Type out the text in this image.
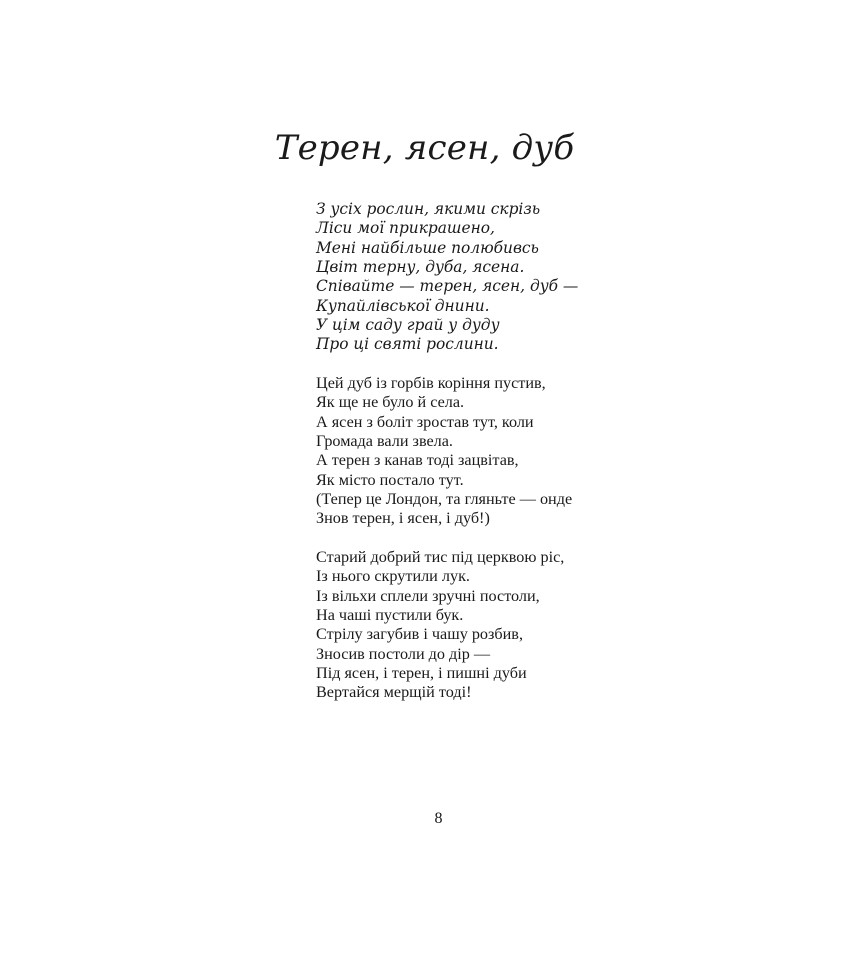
Терен, ясен, дуб
З усіх рослин, якими скрізь
Ліси мої прикрашено,
Мені найбільше полюбивсь
Цвіт терну, дуба, ясена.
Співайте — терен, ясен, дуб —
Купайлівської днини.
У цім саду грай у дуду
Про ці святі рослини.
Цей дуб із горбів коріння пустив,
Як ще не було й села.
А ясен з боліт зростав тут, коли
Громада вали звела.
А терен з канав тоді зацвітав,
Як місто постало тут.
(Тепер це Лондон, та гляньте — онде
Знов терен, і ясен, і дуб!)
Старий добрий тис під церквою ріс,
Із нього скрутили лук.
Із вільхи сплели зручні постоли,
На чаші пустили бук.
Стрілу загубив і чашу розбив,
Зносив постоли до дір —
Під ясен, і терен, і пишні дуби
Вертайся мерщій тоді!
8
